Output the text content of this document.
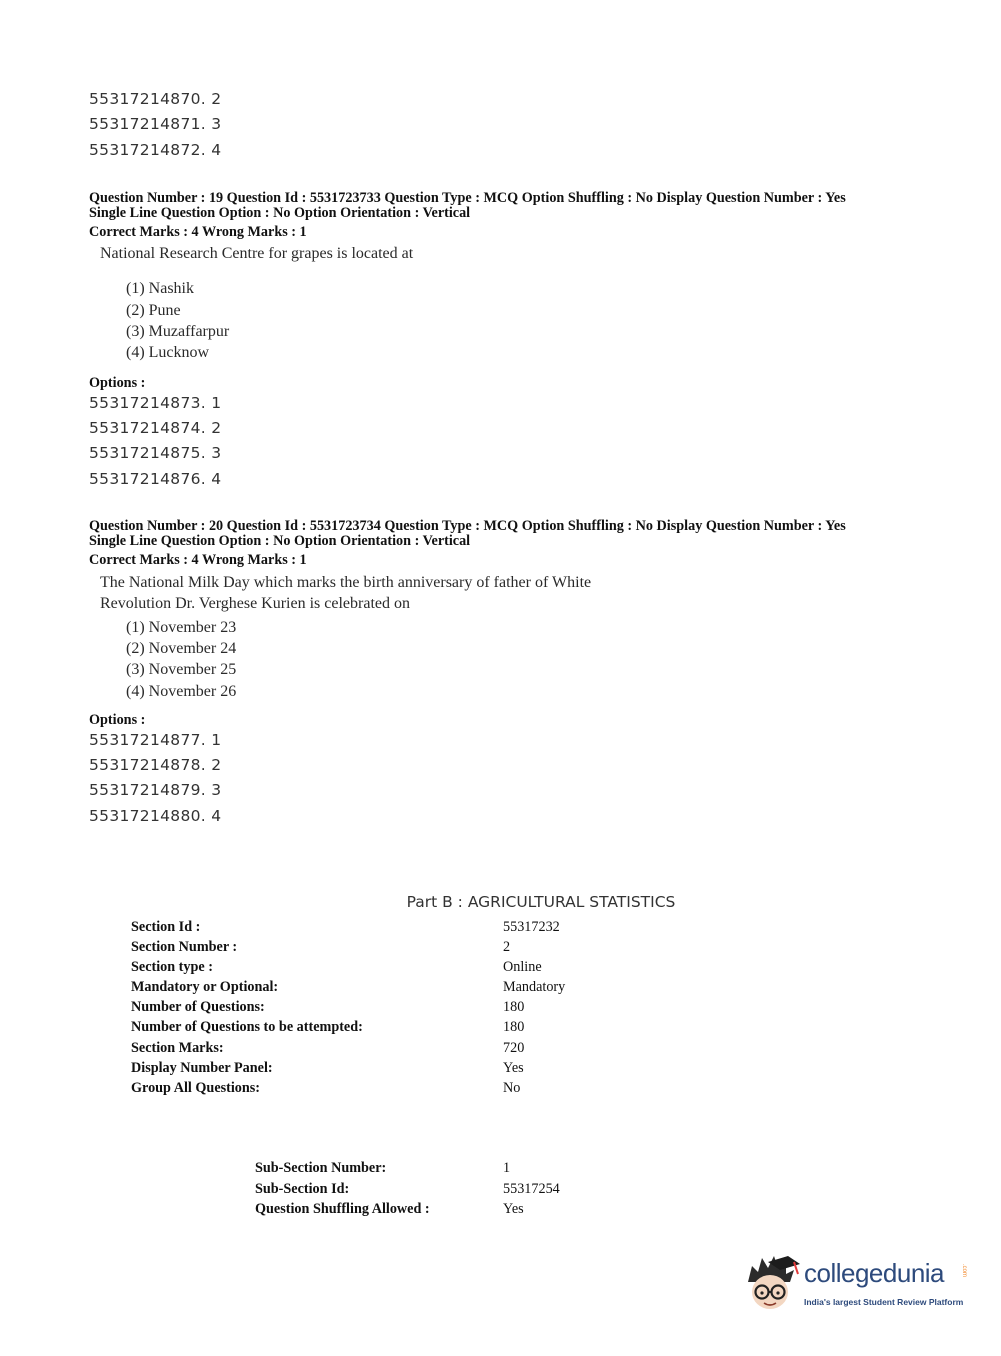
55317214870. 2
55317214871. 3
55317214872. 4
Question Number : 19 Question Id : 5531723733 Question Type : MCQ Option Shuffling : No Display Question Number : Yes
Single Line Question Option : No Option Orientation : Vertical
Correct Marks : 4 Wrong Marks : 1
National Research Centre for grapes is located at
(1) Nashik
(2) Pune
(3) Muzaffarpur
(4) Lucknow
Options :
55317214873. 1
55317214874. 2
55317214875. 3
55317214876. 4
Question Number : 20 Question Id : 5531723734 Question Type : MCQ Option Shuffling : No Display Question Number : Yes
Single Line Question Option : No Option Orientation : Vertical
Correct Marks : 4 Wrong Marks : 1
The National Milk Day which marks the birth anniversary of father of White
Revolution Dr. Verghese Kurien is celebrated on
(1) November 23
(2) November 24
(3) November 25
(4) November 26
Options :
55317214877. 1
55317214878. 2
55317214879. 3
55317214880. 4
Part B : AGRICULTURAL STATISTICS
Section Id :	55317232
Section Number :	2
Section type :	Online
Mandatory or Optional:	Mandatory
Number of Questions:	180
Number of Questions to be attempted:	180
Section Marks:	720
Display Number Panel:	Yes
Group All Questions:	No
Sub-Section Number:	1
Sub-Section Id:	55317254
Question Shuffling Allowed :	Yes
collegedunia	.com
India's largest Student Review Platform
